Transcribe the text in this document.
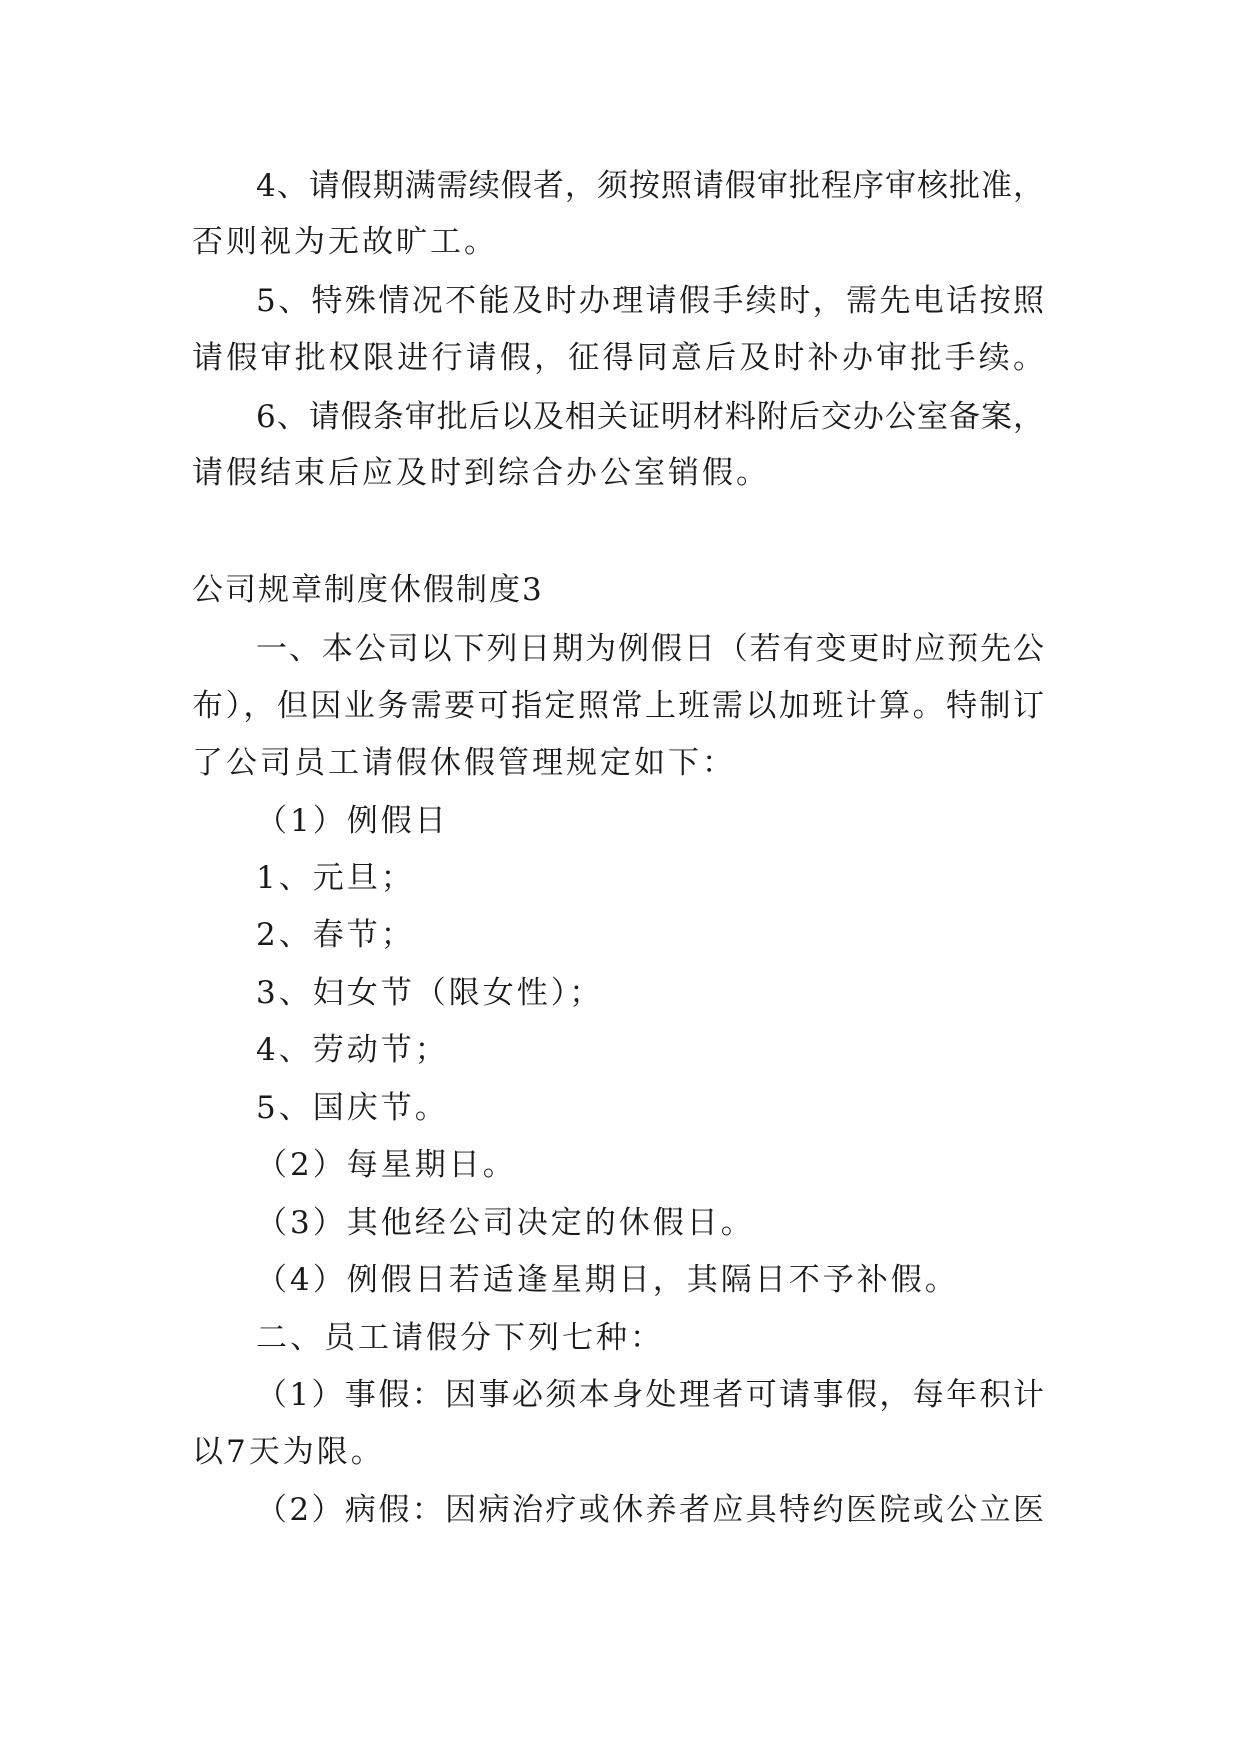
4、请假期满需续假者，须按照请假审批程序审核批准，
否则视为无故旷工。
5、特殊情况不能及时办理请假手续时，需先电话按照
请假审批权限进行请假，征得同意后及时补办审批手续。
6、请假条审批后以及相关证明材料附后交办公室备案，
请假结束后应及时到综合办公室销假。
公司规章制度休假制度3
一、本公司以下列日期为例假日（若有变更时应预先公
布），但因业务需要可指定照常上班需以加班计算。特制订
了公司员工请假休假管理规定如下：
（1）例假日
1、元旦；
2、春节；
3、妇女节（限女性）；
4、劳动节；
5、国庆节。
（2）每星期日。
（3）其他经公司决定的休假日。
（4）例假日若适逢星期日，其隔日不予补假。
二、员工请假分下列七种：
（1）事假：因事必须本身处理者可请事假，每年积计
以7天为限。
（2）病假：因病治疗或休养者应具特约医院或公立医
